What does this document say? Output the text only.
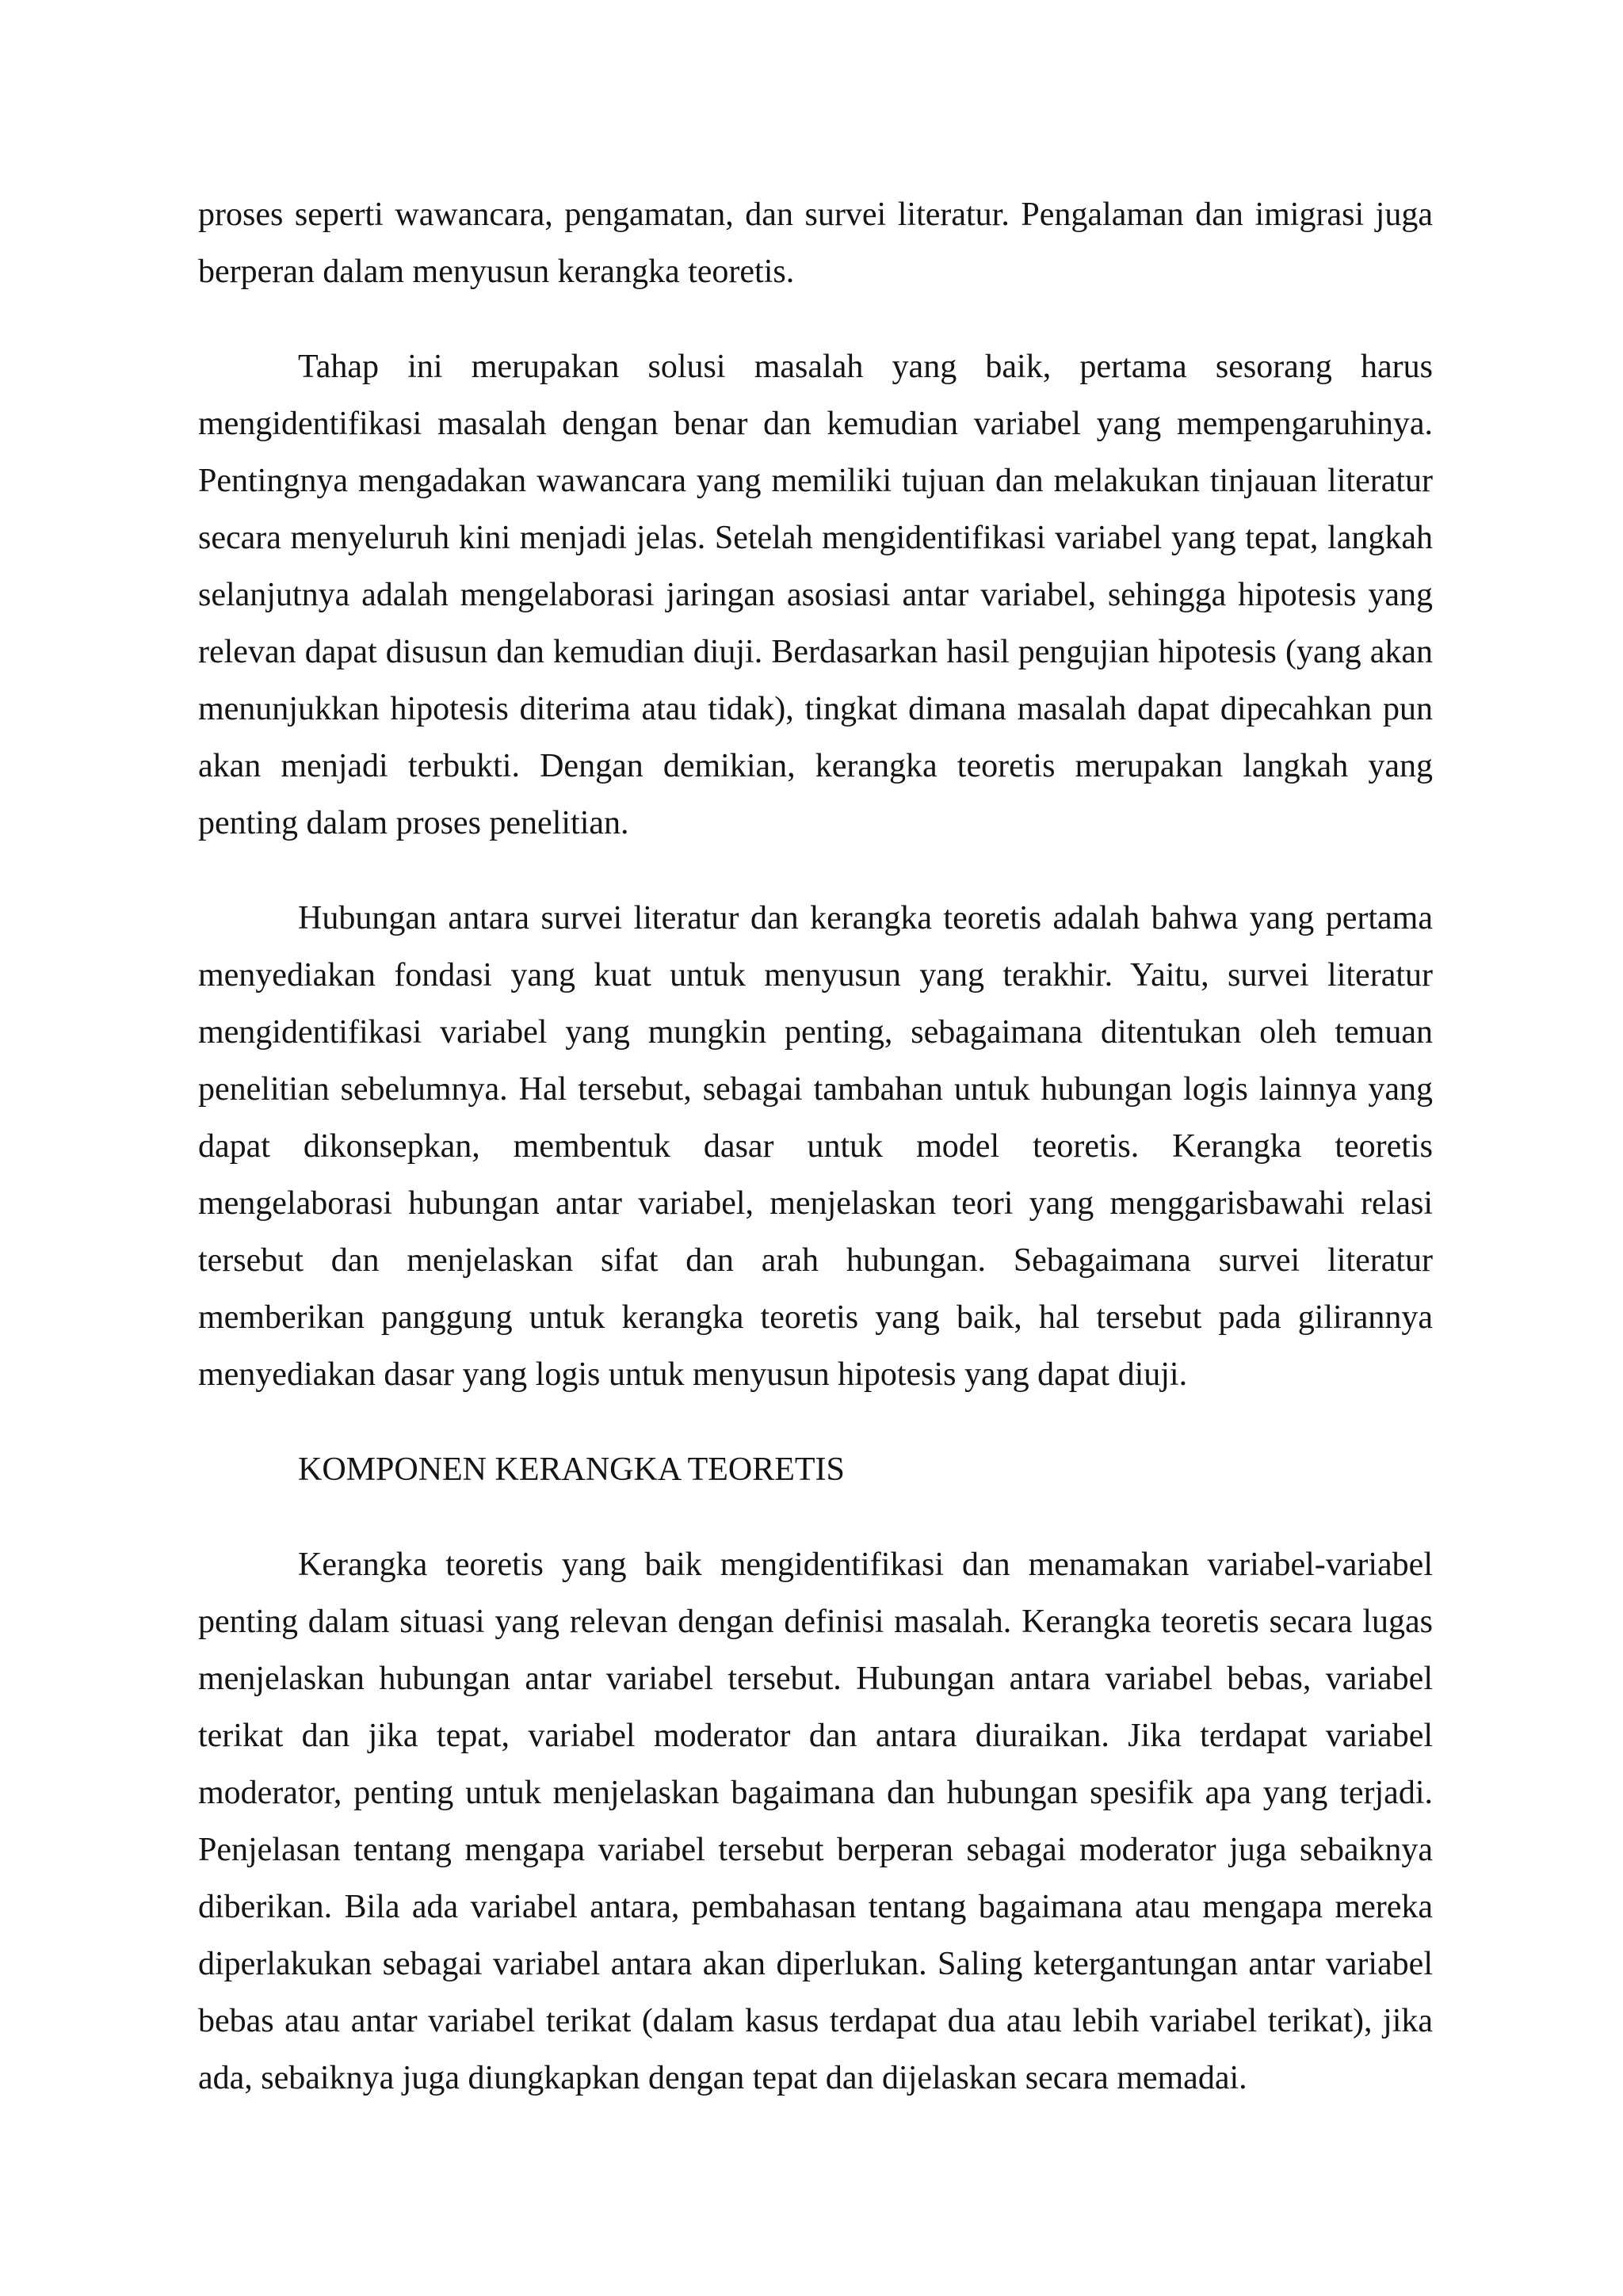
proses seperti wawancara, pengamatan, dan survei literatur. Pengalaman dan imigrasi juga berperan dalam menyusun kerangka teoretis.

Tahap ini merupakan solusi masalah yang baik, pertama sesorang harus mengidentifikasi masalah dengan benar dan kemudian variabel yang mempengaruhinya. Pentingnya mengadakan wawancara yang memiliki tujuan dan melakukan tinjauan literatur secara menyeluruh kini menjadi jelas. Setelah mengidentifikasi variabel yang tepat, langkah selanjutnya adalah mengelaborasi jaringan asosiasi antar variabel, sehingga hipotesis yang relevan dapat disusun dan kemudian diuji. Berdasarkan hasil pengujian hipotesis (yang akan menunjukkan hipotesis diterima atau tidak), tingkat dimana masalah dapat dipecahkan pun akan menjadi terbukti. Dengan demikian, kerangka teoretis merupakan langkah yang penting dalam proses penelitian.

Hubungan antara survei literatur dan kerangka teoretis adalah bahwa yang pertama menyediakan fondasi yang kuat untuk menyusun yang terakhir. Yaitu, survei literatur mengidentifikasi variabel yang mungkin penting, sebagaimana ditentukan oleh temuan penelitian sebelumnya. Hal tersebut, sebagai tambahan untuk hubungan logis lainnya yang dapat dikonsepkan, membentuk dasar untuk model teoretis. Kerangka teoretis mengelaborasi hubungan antar variabel, menjelaskan teori yang menggarisbawahi relasi tersebut dan menjelaskan sifat dan arah hubungan. Sebagaimana survei literatur memberikan panggung untuk kerangka teoretis yang baik, hal tersebut pada gilirannya menyediakan dasar yang logis untuk menyusun hipotesis yang dapat diuji.

KOMPONEN KERANGKA TEORETIS

Kerangka teoretis yang baik mengidentifikasi dan menamakan variabel-variabel penting dalam situasi yang relevan dengan definisi masalah. Kerangka teoretis secara lugas menjelaskan hubungan antar variabel tersebut. Hubungan antara variabel bebas, variabel terikat dan jika tepat, variabel moderator dan antara diuraikan. Jika terdapat variabel moderator, penting untuk menjelaskan bagaimana dan hubungan spesifik apa yang terjadi. Penjelasan tentang mengapa variabel tersebut berperan sebagai moderator juga sebaiknya diberikan. Bila ada variabel antara, pembahasan tentang bagaimana atau mengapa mereka diperlakukan sebagai variabel antara akan diperlukan. Saling ketergantungan antar variabel bebas atau antar variabel terikat (dalam kasus terdapat dua atau lebih variabel terikat), jika ada, sebaiknya juga diungkapkan dengan tepat dan dijelaskan secara memadai.
